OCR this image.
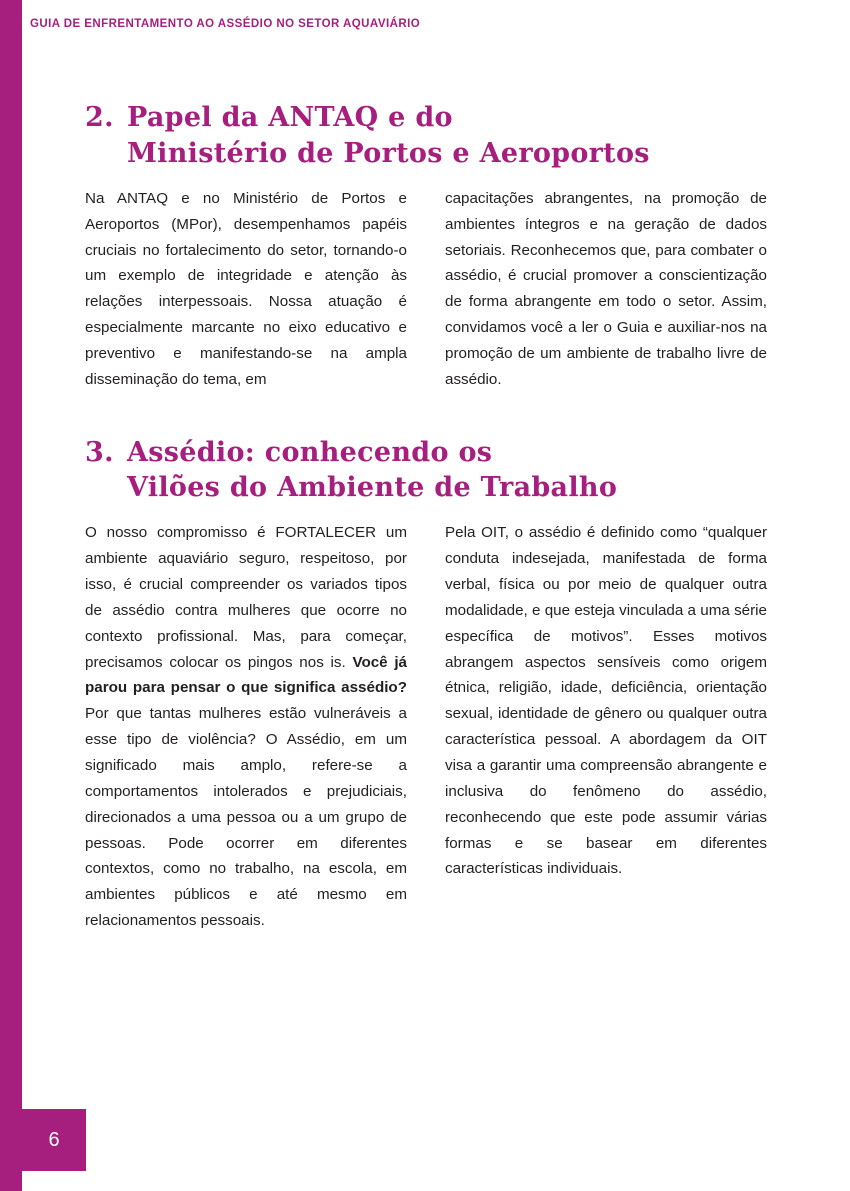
GUIA DE ENFRENTAMENTO AO ASSÉDIO NO SETOR AQUAVIÁRIO
2. Papel da ANTAQ e do
Ministério de Portos e Aeroportos

Na ANTAQ e no Ministério de Portos e Aeroportos (MPor), desempenhamos papéis cruciais no fortalecimento do setor, tornando-o um exemplo de integridade e atenção às relações interpessoais. Nossa atuação é especialmente marcante no eixo educativo e preventivo e manifestando-se na ampla disseminação do tema, em

capacitações abrangentes, na promoção de ambientes íntegros e na geração de dados setoriais. Reconhecemos que, para combater o assédio, é crucial promover a conscientização de forma abrangente em todo o setor. Assim, convidamos você a ler o Guia e auxiliar-nos na promoção de um ambiente de trabalho livre de assédio.

3. Assédio: conhecendo os
Vilões do Ambiente de Trabalho

O nosso compromisso é FORTALECER um ambiente aquaviário seguro, respeitoso, por isso, é crucial compreender os variados tipos de assédio contra mulheres que ocorre no contexto profissional. Mas, para começar, precisamos colocar os pingos nos is. Você já parou para pensar o que significa assédio? Por que tantas mulheres estão vulneráveis a esse tipo de violência? O Assédio, em um significado mais amplo, refere-se a comportamentos intolerados e prejudiciais, direcionados a uma pessoa ou a um grupo de pessoas. Pode ocorrer em diferentes contextos, como no trabalho, na escola, em ambientes públicos e até mesmo em relacionamentos pessoais.

Pela OIT, o assédio é definido como “qualquer conduta indesejada, manifestada de forma verbal, física ou por meio de qualquer outra modalidade, e que esteja vinculada a uma série específica de motivos”. Esses motivos abrangem aspectos sensíveis como origem étnica, religião, idade, deficiência, orientação sexual, identidade de gênero ou qualquer outra característica pessoal. A abordagem da OIT visa a garantir uma compreensão abrangente e inclusiva do fenômeno do assédio, reconhecendo que este pode assumir várias formas e se basear em diferentes características individuais.

6
